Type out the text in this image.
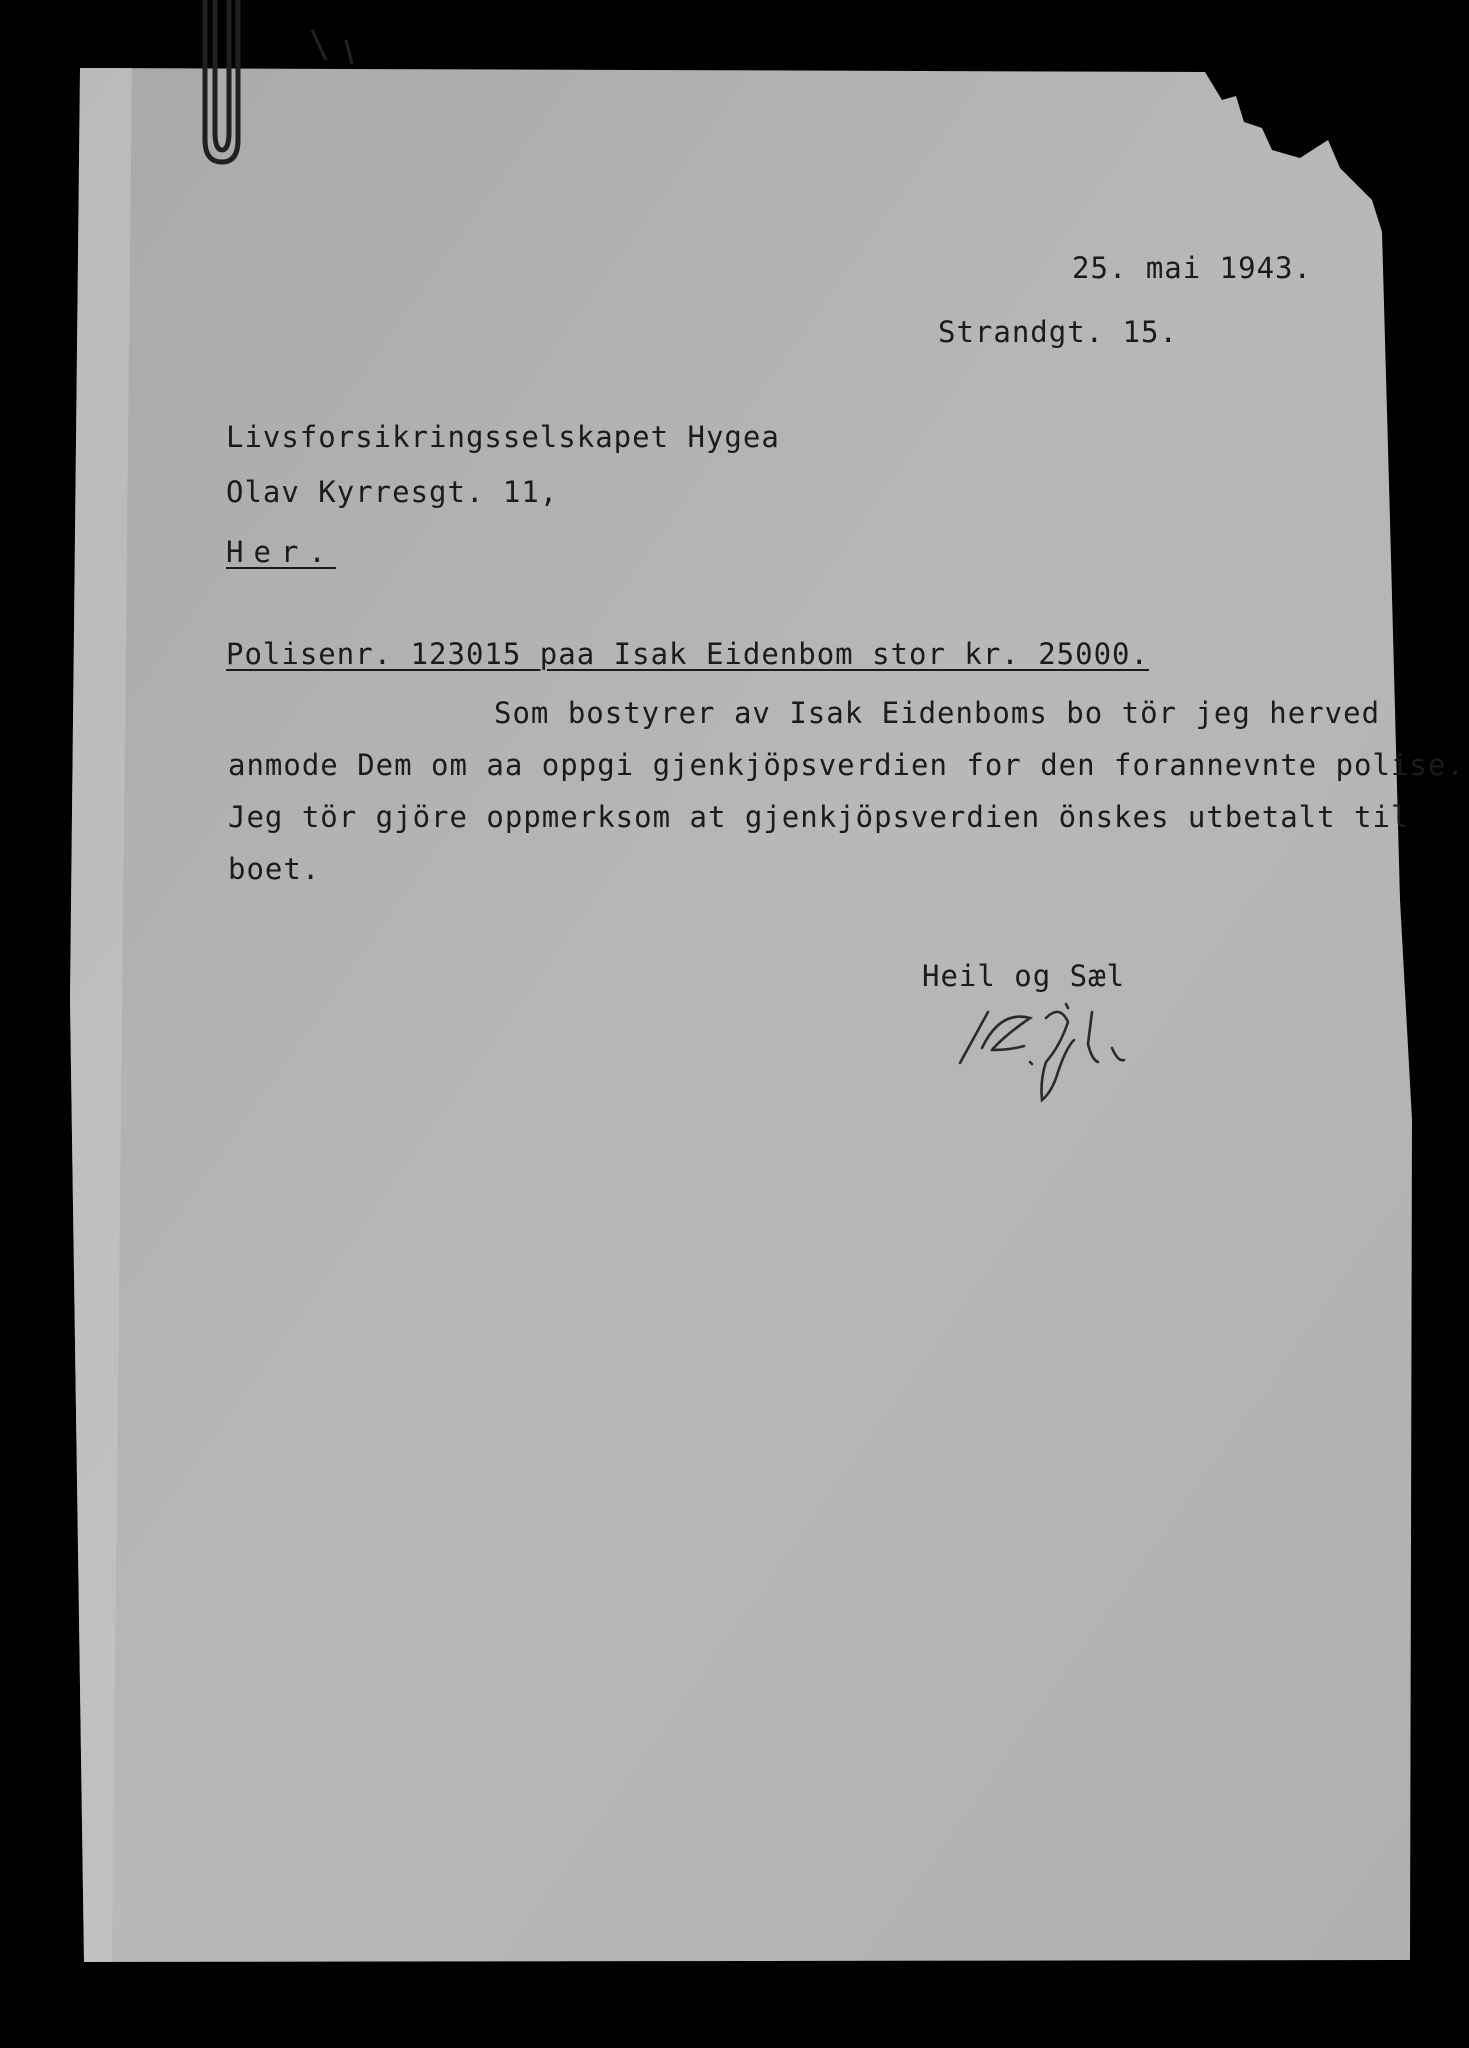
25. mai 1943.
Strandgt. 15.
Livsforsikringsselskapet Hygea
Olav Kyrresgt. 11,
Her.
Polisenr. 123015 paa Isak Eidenbom stor kr. 25000.
Som bostyrer av Isak Eidenboms bo tör jeg herved
anmode Dem om aa oppgi gjenkjöpsverdien for den forannevnte polise.
Jeg tör gjöre oppmerksom at gjenkjöpsverdien önskes utbetalt til
boet.
Heil og Sæl
